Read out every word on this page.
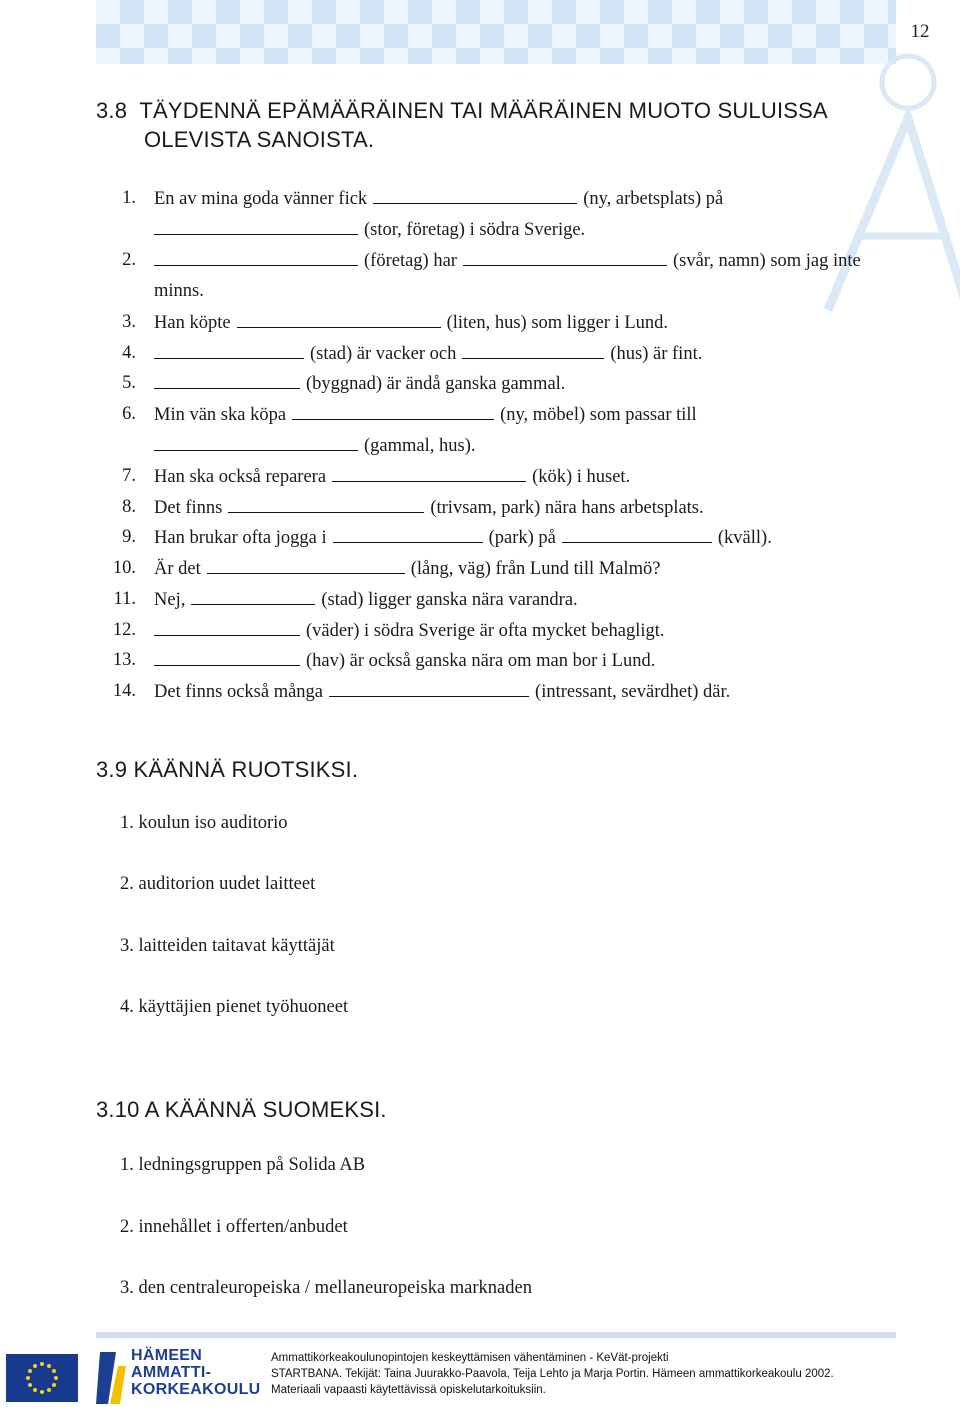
12
3.8 TÄYDENNÄ EPÄMÄÄRÄINEN TAI MÄÄRÄINEN MUOTO SULUISSA
OLEVISTA SANOISTA.
1. En av mina goda vänner fick	(ny, arbetsplats) på
(stor, företag) i södra Sverige.
2.	(företag) har	(svår, namn) som jag inte
minns.
3. Han köpte	(liten, hus) som ligger i Lund.
4.	(stad) är vacker och	(hus) är fint.
5.	(byggnad) är ändå ganska gammal.
6. Min vän ska köpa	(ny, möbel) som passar till
(gammal, hus).
7. Han ska också reparera	(kök) i huset.
8. Det finns	(trivsam, park) nära hans arbetsplats.
9. Han brukar ofta jogga i	(park) på	(kväll).
10. Är det	(lång, väg) från Lund till Malmö?
11. Nej,	(stad) ligger ganska nära varandra.
12.	(väder) i södra Sverige är ofta mycket behagligt.
13.	(hav) är också ganska nära om man bor i Lund.
14. Det finns också många	(intressant, sevärdhet) där.
3.9 KÄÄNNÄ RUOTSIKSI.
1. koulun iso auditorio
2. auditorion uudet laitteet
3. laitteiden taitavat käyttäjät
4. käyttäjien pienet työhuoneet
3.10 A KÄÄNNÄ SUOMEKSI.
1. ledningsgruppen på Solida AB
2. innehållet i offerten/anbudet
3. den centraleuropeiska / mellaneuropeiska marknaden
HÄMEEN
AMMATTI-
KORKEAKOULU
Ammattikorkeakoulunopintojen keskeyttämisen vähentäminen - KeVät-projekti
STARTBANA. Tekijät: Taina Juurakko-Paavola, Teija Lehto ja Marja Portin. Hämeen ammattikorkeakoulu 2002.
Materiaali vapaasti käytettävissä opiskelutarkoituksiin.
